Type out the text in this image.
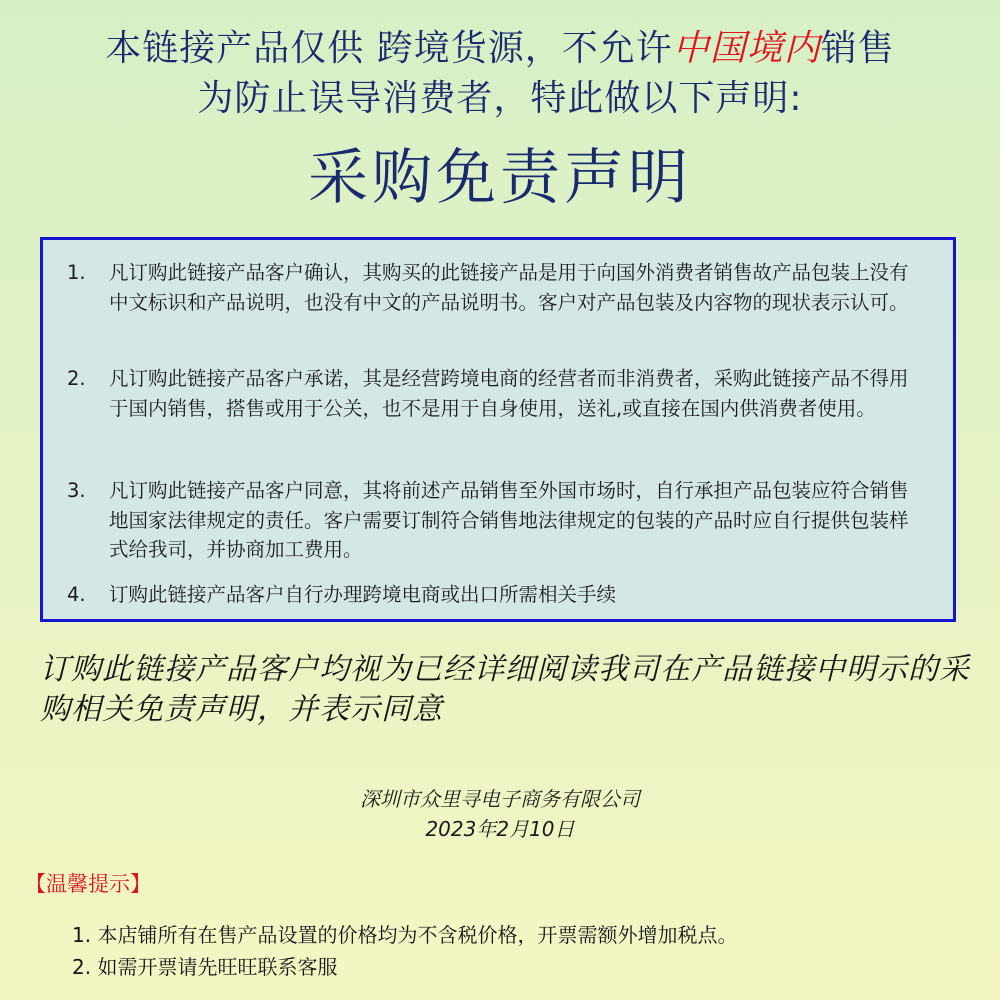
本链接产品仅供 跨境货源，不允许中国境内销售
为防止误导消费者，特此做以下声明:
采购免责声明
1.	凡订购此链接产品客户确认，其购买的此链接产品是用于向国外消费者销售故产品包装上没有中文标识和产品说明，也没有中文的产品说明书。客户对产品包装及内容物的现状表示认可。
2.	凡订购此链接产品客户承诺，其是经营跨境电商的经营者而非消费者，采购此链接产品不得用于国内销售，搭售或用于公关，也不是用于自身使用，送礼,或直接在国内供消费者使用。
3.	凡订购此链接产品客户同意，其将前述产品销售至外国市场时，自行承担产品包装应符合销售地国家法律规定的责任。客户需要订制符合销售地法律规定的包装的产品时应自行提供包装样式给我司，并协商加工费用。
4.	订购此链接产品客户自行办理跨境电商或出口所需相关手续
订购此链接产品客户均视为已经详细阅读我司在产品链接中明示的采购相关免责声明，并表示同意
深圳市众里寻电子商务有限公司
2023年2月10日
【温馨提示】
1. 本店铺所有在售产品设置的价格均为不含税价格，开票需额外增加税点。
2. 如需开票请先旺旺联系客服
